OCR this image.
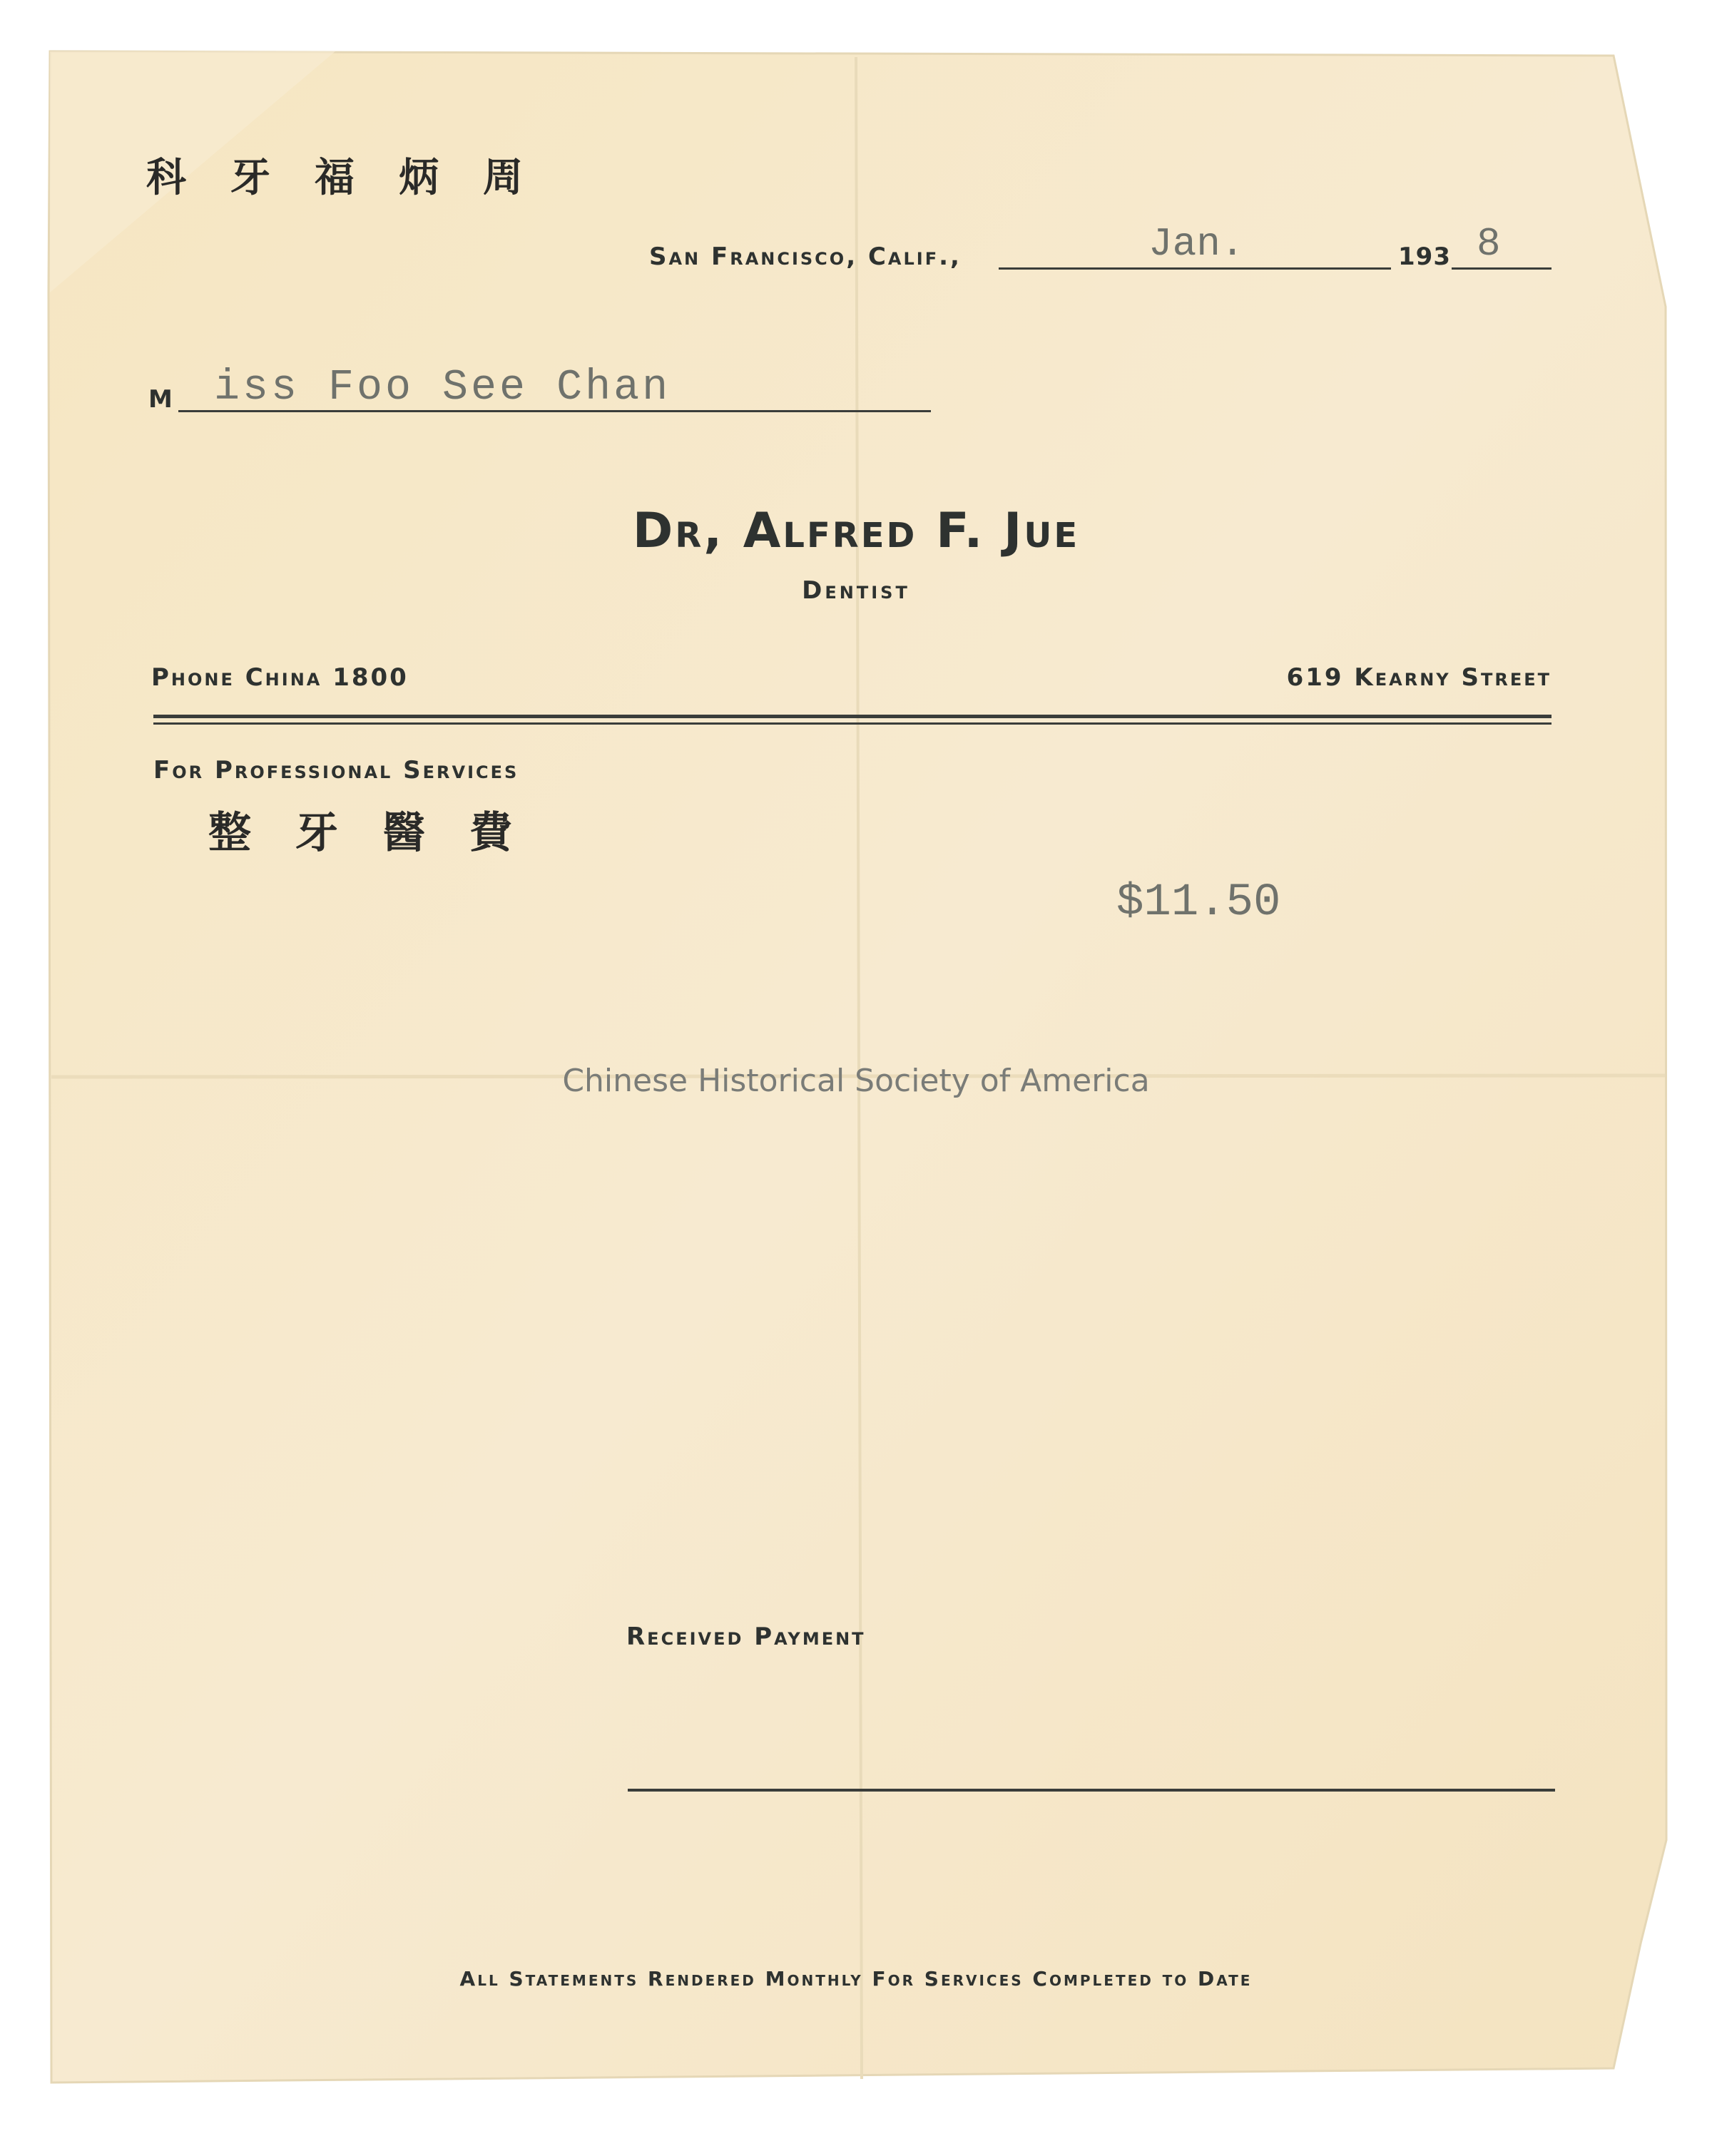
科 牙 福 炳 周
San Francisco, Calif.,	Jan.	193 8
M iss Foo See Chan
Dr, Alfred F. Jue
Dentist
Phone China 1800	619 Kearny Street
For Professional Services
整 牙 醫 費
$11.50
Chinese Historical Society of America
Received Payment
All Statements Rendered Monthly For Services Completed to Date
